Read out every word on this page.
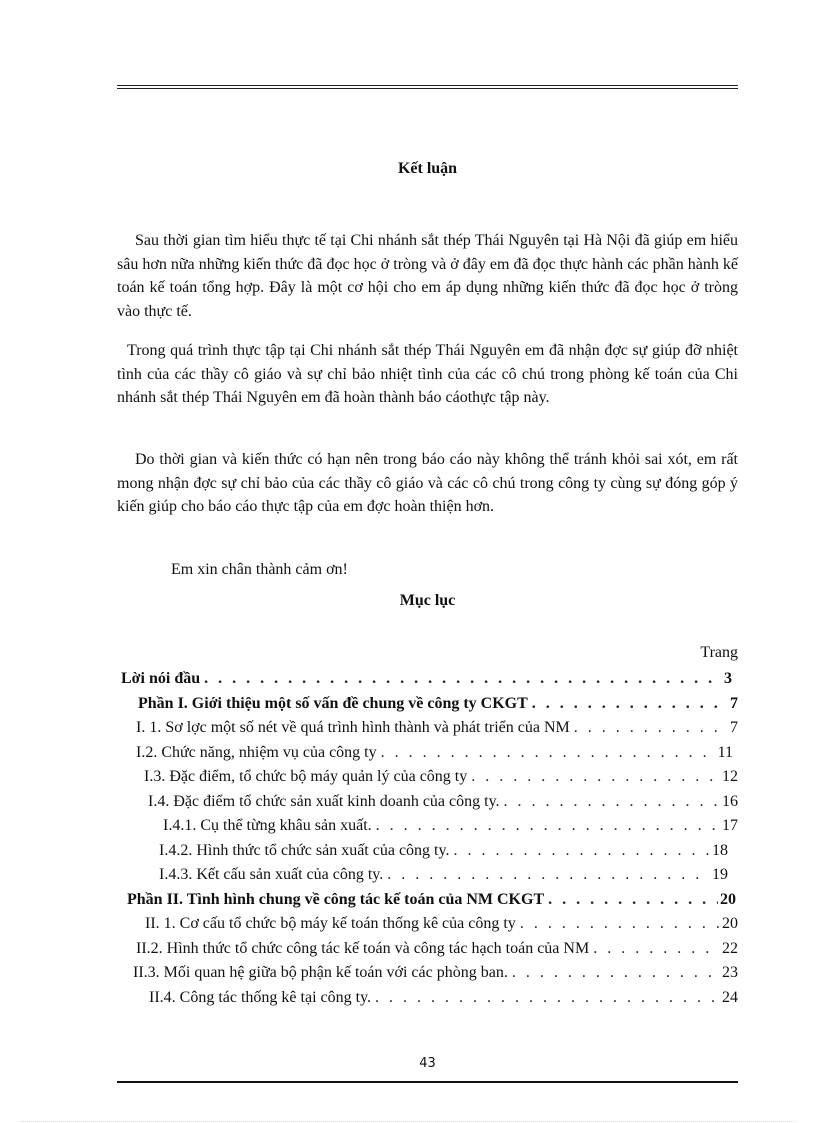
Kết luận

Sau thời gian tìm hiểu thực tế tại Chi nhánh sắt thép Thái Nguyên tại Hà Nội đã giúp em hiểu sâu hơn nữa những kiến thức đã đọc học ở tròng và ở đây em đã đọc thực hành các phần hành kế toán kế toán tổng hợp. Đây là một cơ hội cho em áp dụng những kiến thức đã đọc học ở tròng vào thực tế.

Trong quá trình thực tập tại Chi nhánh sắt thép Thái Nguyên em đã nhận đợc sự giúp đỡ nhiệt tình của các thầy cô giáo và sự chỉ bảo nhiệt tình của các cô chú trong phòng kế toán của Chi nhánh sắt thép Thái Nguyên em đã hoàn thành báo cáothực tập này.

Do thời gian và kiến thức có hạn nên trong báo cáo này không thể tránh khỏi sai xót, em rất mong nhận đợc sự chỉ bảo của các thầy cô giáo và các cô chú trong công ty cùng sự đóng góp ý kiến giúp cho báo cáo thực tập của em đợc hoàn thiện hơn.

Em xin chân thành cảm ơn!

Mục lục

Trang

Lời nói đầu . . .	3
Phần I. Giới thiệu một số vấn đề chung về công ty CKGT . . .	7
I. 1. Sơ lợc một số nét về quá trình hình thành và phát triển của NM . . .	7
I.2. Chức năng, nhiệm vụ của công ty . . .	11
I.3. Đặc điểm, tổ chức bộ máy quản lý của công ty . . .	12
I.4. Đặc điểm tổ chức sản xuất kinh doanh của công ty. . . .	16
I.4.1. Cụ thể từng khâu sản xuất. . . .	17
I.4.2. Hình thức tổ chức sản xuất của công ty. . . .	18
I.4.3. Kết cấu sản xuất của công ty. . . .	19
Phần II. Tình hình chung về công tác kế toán của NM CKGT . . .	20
II. 1. Cơ cấu tổ chức bộ máy kế toán thống kê của công ty . . .	20
II.2. Hình thức tổ chức công tác kế toán và công tác hạch toán của NM . . .	22
II.3. Mối quan hệ giữa bộ phận kế toán với các phòng ban. . . .	23
II.4. Công tác thống kê tại công ty. . . .	24

43
